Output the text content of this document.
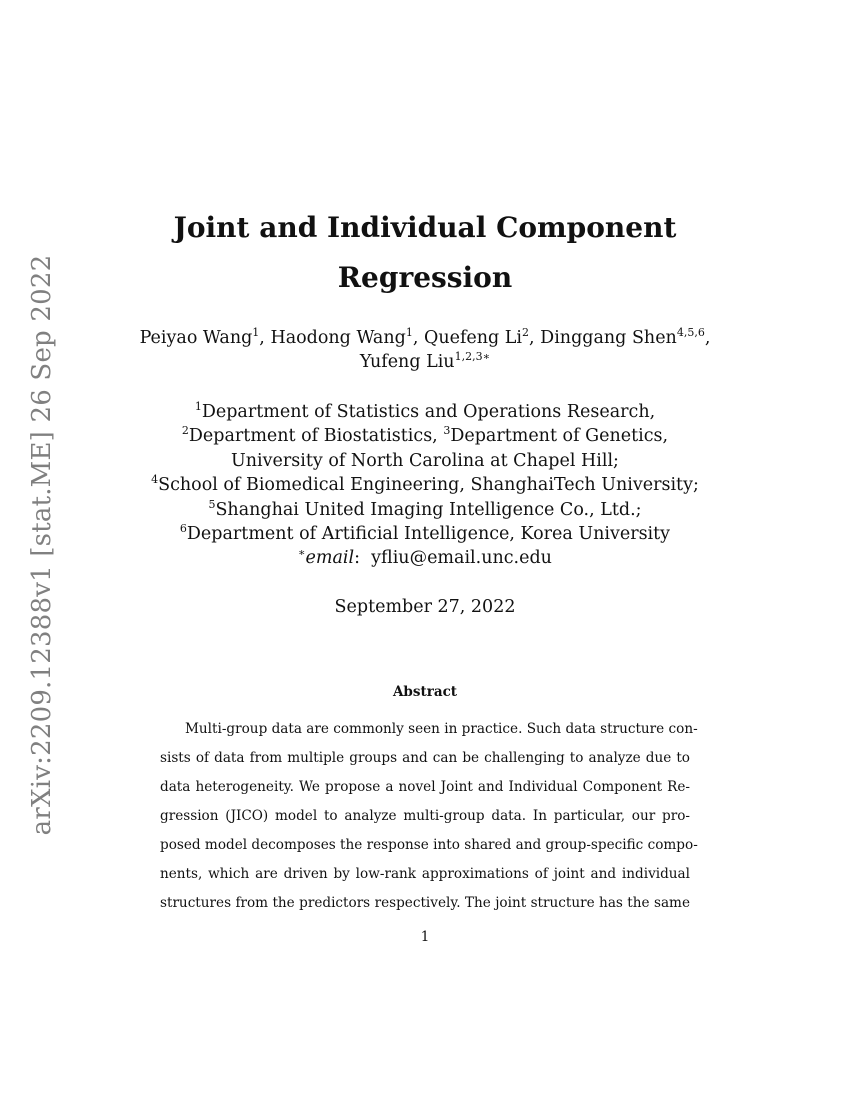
arXiv:2209.12388v1 [stat.ME] 26 Sep 2022
Joint and Individual Component
Regression
Peiyao Wang$^1$, Haodong Wang$^1$, Quefeng Li$^2$, Dinggang Shen$^{4,5,6}$,
Yufeng Liu$^{1,2,3∗}$
$^1$Department of Statistics and Operations Research,
$^2$Department of Biostatistics, $^3$Department of Genetics,
University of North Carolina at Chapel Hill;
$^4$School of Biomedical Engineering, ShanghaiTech University;
$^5$Shanghai United Imaging Intelligence Co., Ltd.;
$^6$Department of Artificial Intelligence, Korea University
∗email:  yfliu@email.unc.edu
September 27, 2022
Abstract
Multi-group data are commonly seen in practice. Such data structure con-
sists of data from multiple groups and can be challenging to analyze due to
data heterogeneity. We propose a novel Joint and Individual Component Re-
gression (JICO) model to analyze multi-group data. In particular, our pro-
posed model decomposes the response into shared and group-specific compo-
nents, which are driven by low-rank approximations of joint and individual
structures from the predictors respectively. The joint structure has the same
1
